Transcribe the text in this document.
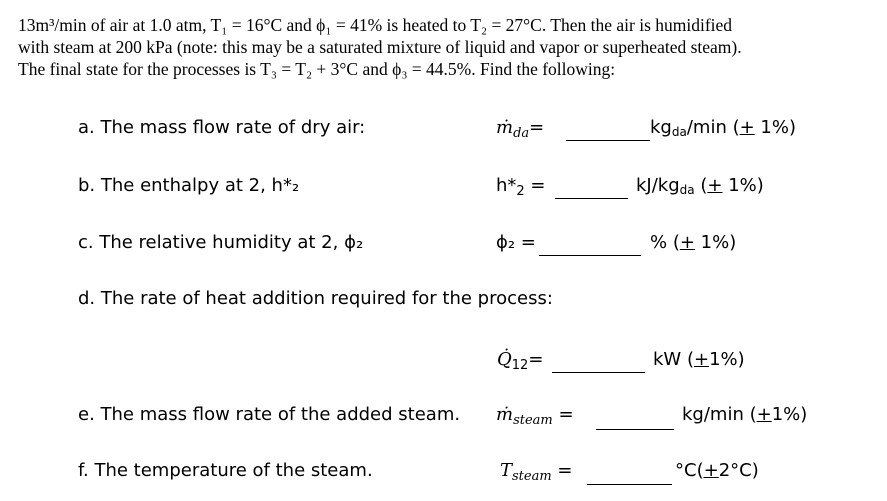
13m³/min of air at 1.0 atm, T₁ = 16°C and ϕ₁ = 41% is heated to T₂ = 27°C. Then the air is humidified
with steam at 200 kPa (note: this may be a saturated mixture of liquid and vapor or superheated steam).
The final state for the processes is T₃ = T₂ + 3°C and ϕ₃ = 44.5%. Find the following:
a. The mass flow rate of dry air:	ṁ$_{da}$=	$kg_{da}/\min$ (+ 1%)
b. The enthalpy at 2, h*₂	$h*_2$ =	$kJ/kg_{da}$ (+ 1%)
c. The relative humidity at 2, ϕ₂	ϕ₂ =	% (+ 1%)
d. The rate of heat addition required for the process:
$Q̇_{12}=$	kW (+1%)
e. The mass flow rate of the added steam. ṁ$_{steam}$ =	kg/min (+1%)
f. The temperature of the steam.	$T_{steam}$ =	°C(+2°C)
